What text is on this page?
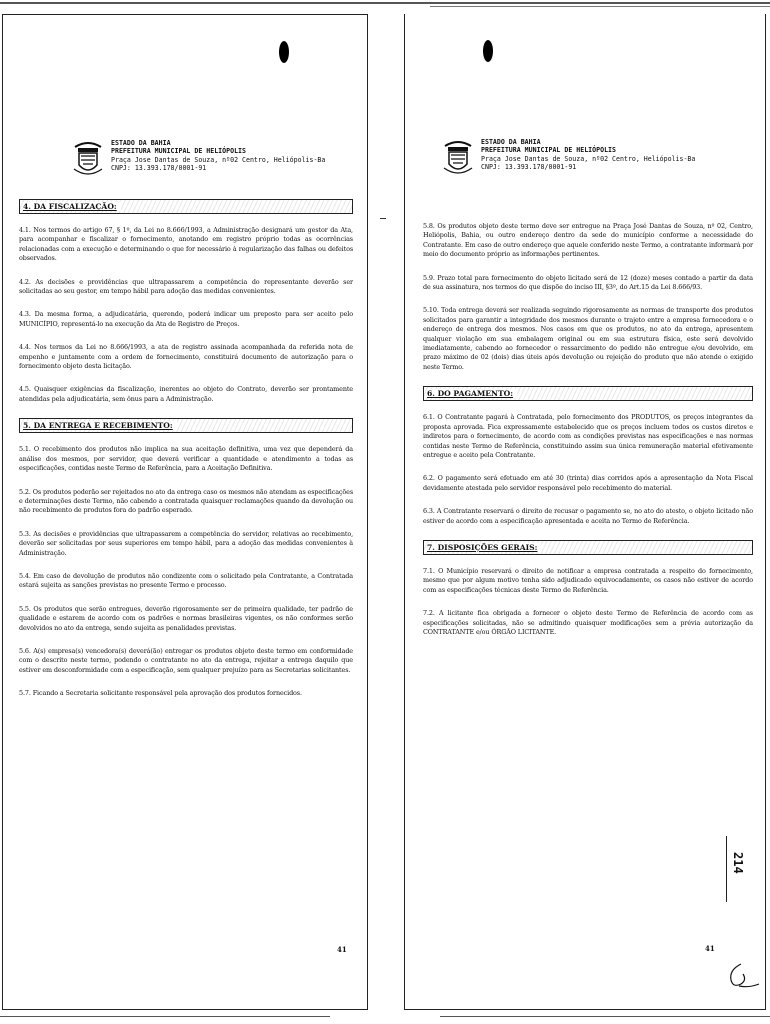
ESTADO DA BAHIA
PREFEITURA MUNICIPAL DE HELIÓPOLIS
Praça Jose Dantas de Souza, nº02 Centro, Heliópolis-Ba
CNPJ: 13.393.178/0001-91
4. DA FISCALIZAÇÃO:

4.1. Nos termos do artigo 67, § 1º, da Lei no 8.666/1993, a Administração designará um gestor da Ata, para acompanhar e fiscalizar o fornecimento, anotando em registro próprio todas as ocorrências relacionadas com a execução e determinando o que for necessário à regularização das falhas ou defeitos observados.

4.2. As decisões e providências que ultrapassarem a competência do representante deverão ser solicitadas ao seu gestor, em tempo hábil para adoção das medidas convenientes.

4.3. Da mesma forma, a adjudicatária, querendo, poderá indicar um preposto para ser aceito pelo MUNICÍPIO, representá-lo na execução da Ata de Registro de Preços.

4.4. Nos termos da Lei no 8.666/1993, a ata de registro assinada acompanhada da referida nota de empenho e juntamente com a ordem de fornecimento, constituirá documento de autorização para o fornecimento objeto desta licitação.

4.5. Quaisquer exigências da fiscalização, inerentes ao objeto do Contrato, deverão ser prontamente atendidas pela adjudicatária, sem ônus para a Administração.

5. DA ENTREGA E RECEBIMENTO:

5.1. O recebimento dos produtos não implica na sua aceitação definitiva, uma vez que dependerá da análise dos mesmos, por servidor, que deverá verificar a quantidade e atendimento a todas as especificações, contidas neste Termo de Referência, para a Aceitação Definitiva.

5.2. Os produtos poderão ser rejeitados no ato da entrega caso os mesmos não atendam as especificações e determinações deste Termo, não cabendo a contratada quaisquer reclamações quando da devolução ou não recebimento de produtos fora do padrão esperado.

5.3. As decisões e providências que ultrapassarem a competência do servidor, relativas ao recebimento, deverão ser solicitadas por seus superiores em tempo hábil, para a adoção das medidas convenientes à Administração.

5.4. Em caso de devolução de produtos não condizente com o solicitado pela Contratante, a Contratada estará sujeita as sanções previstas no presente Termo e processo.

5.5. Os produtos que serão entregues, deverão rigorosamente ser de primeira qualidade, ter padrão de qualidade e estarem de acordo com os padrões e normas brasileiras vigentes, os não conformes serão devolvidos no ato da entrega, sendo sujeita as penalidades previstas.

5.6. A(s) empresa(s) vencedora(s) deverá(ão) entregar os produtos objeto deste termo em conformidade com o descrito neste termo, podendo o contratante no ato da entrega, rejeitar a entrega daquilo que estiver em desconformidade com a especificação, sem qualquer prejuízo para as Secretarias solicitantes.

5.7. Ficando a Secretaria solicitante responsável pela aprovação dos produtos fornecidos.

41
ESTADO DA BAHIA
PREFEITURA MUNICIPAL DE HELIÓPOLIS
Praça Jose Dantas de Souza, nº02 Centro, Heliópolis-Ba
CNPJ: 13.393.178/0001-91

5.8. Os produtos objeto deste termo deve ser entregue na Praça José Dantas de Souza, nº 02, Centro, Heliópolis, Bahia, ou outro endereço dentro da sede do município conforme a necessidade do Contratante. Em caso de outro endereço que aquele conferido neste Termo, a contratante informará por meio do documento próprio as informações pertinentes.

5.9. Prazo total para fornecimento do objeto licitado será de 12 (doze) meses contado a partir da data de sua assinatura, nos termos do que dispõe do inciso III, §3º, do Art.15 da Lei 8.666/93.

5.10. Toda entrega deverá ser realizada seguindo rigorosamente as normas de transporte dos produtos solicitados para garantir a integridade dos mesmos durante o trajeto entre a empresa fornecedora e o endereço de entrega dos mesmos. Nos casos em que os produtos, no ato da entrega, apresentem qualquer violação em sua embalagem original ou em sua estrutura física, este será devolvido imediatamente, cabendo ao fornecedor o ressarcimento do pedido não entregue e/ou devolvido, em prazo máximo de 02 (dois) dias úteis após devolução ou rejeição do produto que não atende o exigido neste Termo.

6. DO PAGAMENTO:

6.1. O Contratante pagará à Contratada, pelo fornecimento dos PRODUTOS, os preços integrantes da proposta aprovada. Fica expressamente estabelecido que os preços incluem todos os custos diretos e indiretos para o fornecimento, de acordo com as condições previstas nas especificações e nas normas contidas neste Termo de Referência, constituindo assim sua única remuneração material efetivamente entregue e aceito pela Contratante.

6.2. O pagamento será efetuado em até 30 (trinta) dias corridos após a apresentação da Nota Fiscal devidamente atestada pelo servidor responsável pelo recebimento do material.

6.3. A Contratante reservará o direito de recusar o pagamento se, no ato do atesto, o objeto licitado não estiver de acordo com a especificação apresentada e aceita no Termo de Referência.

7. DISPOSIÇÕES GERAIS:

7.1. O Município reservará o direito de notificar a empresa contratada a respeito do fornecimento, mesmo que por algum motivo tenha sido adjudicado equivocadamente, os casos não estiver de acordo com as especificações técnicas deste Termo de Referência.

7.2. A licitante fica obrigada a fornecer o objeto deste Termo de Referência de acordo com as especificações solicitadas, não se admitindo quaisquer modificações sem a prévia autorização da CONTRATANTE e/ou ÓRGÃO LICITANTE.

214
41
